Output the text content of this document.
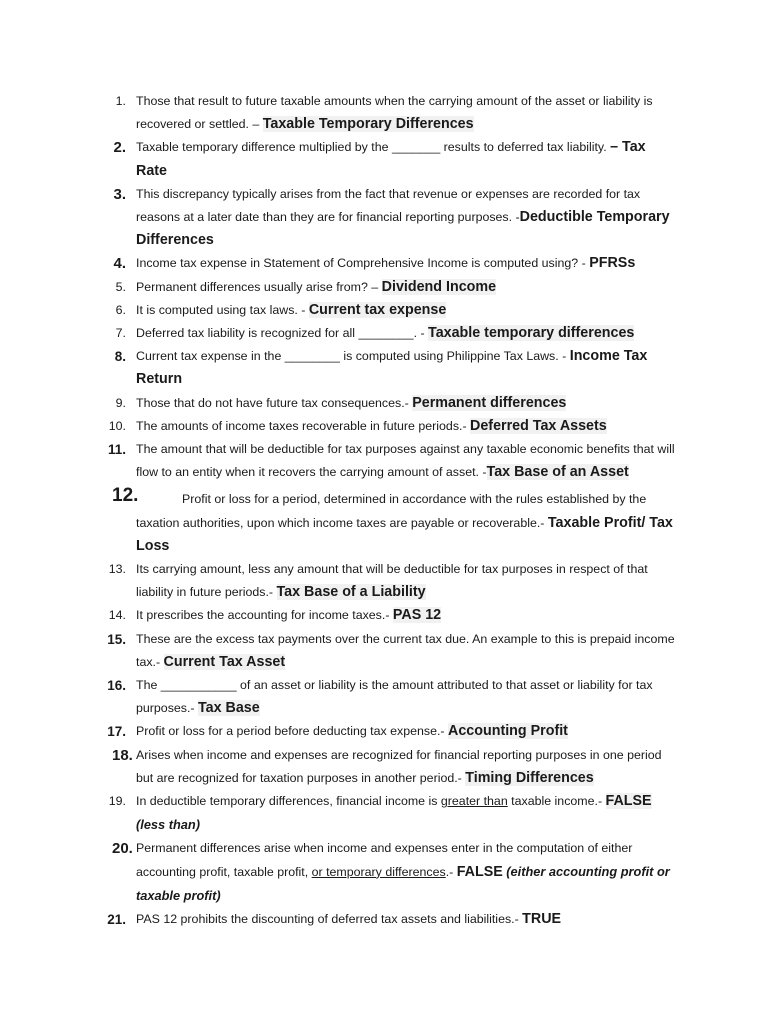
1. Those that result to future taxable amounts when the carrying amount of the asset or liability is recovered or settled. – Taxable Temporary Differences
2. Taxable temporary difference multiplied by the _______ results to deferred tax liability. – Tax Rate
3. This discrepancy typically arises from the fact that revenue or expenses are recorded for tax reasons at a later date than they are for financial reporting purposes. -Deductible Temporary Differences
4. Income tax expense in Statement of Comprehensive Income is computed using? - PFRSs
5. Permanent differences usually arise from? – Dividend Income
6. It is computed using tax laws. - Current tax expense
7. Deferred tax liability is recognized for all ________. - Taxable temporary differences
8. Current tax expense in the ________ is computed using Philippine Tax Laws. - Income Tax Return
9. Those that do not have future tax consequences.- Permanent differences
10. The amounts of income taxes recoverable in future periods.- Deferred Tax Assets
11. The amount that will be deductible for tax purposes against any taxable economic benefits that will flow to an entity when it recovers the carrying amount of asset. -Tax Base of an Asset
12.	Profit or loss for a period, determined in accordance with the rules established by the taxation authorities, upon which income taxes are payable or recoverable.- Taxable Profit/ Tax Loss
13. Its carrying amount, less any amount that will be deductible for tax purposes in respect of that liability in future periods.- Tax Base of a Liability
14. It prescribes the accounting for income taxes.- PAS 12
15. These are the excess tax payments over the current tax due. An example to this is prepaid income tax.- Current Tax Asset
16. The ___________ of an asset or liability is the amount attributed to that asset or liability for tax purposes.- Tax Base
17. Profit or loss for a period before deducting tax expense.- Accounting Profit
18. Arises when income and expenses are recognized for financial reporting purposes in one period but are recognized for taxation purposes in another period.- Timing Differences
19. In deductible temporary differences, financial income is greater than taxable income.- FALSE
(less than)
20. Permanent differences arise when income and expenses enter in the computation of either accounting profit, taxable profit, or temporary differences.- FALSE (either accounting profit or taxable profit)
21. PAS 12 prohibits the discounting of deferred tax assets and liabilities.- TRUE
